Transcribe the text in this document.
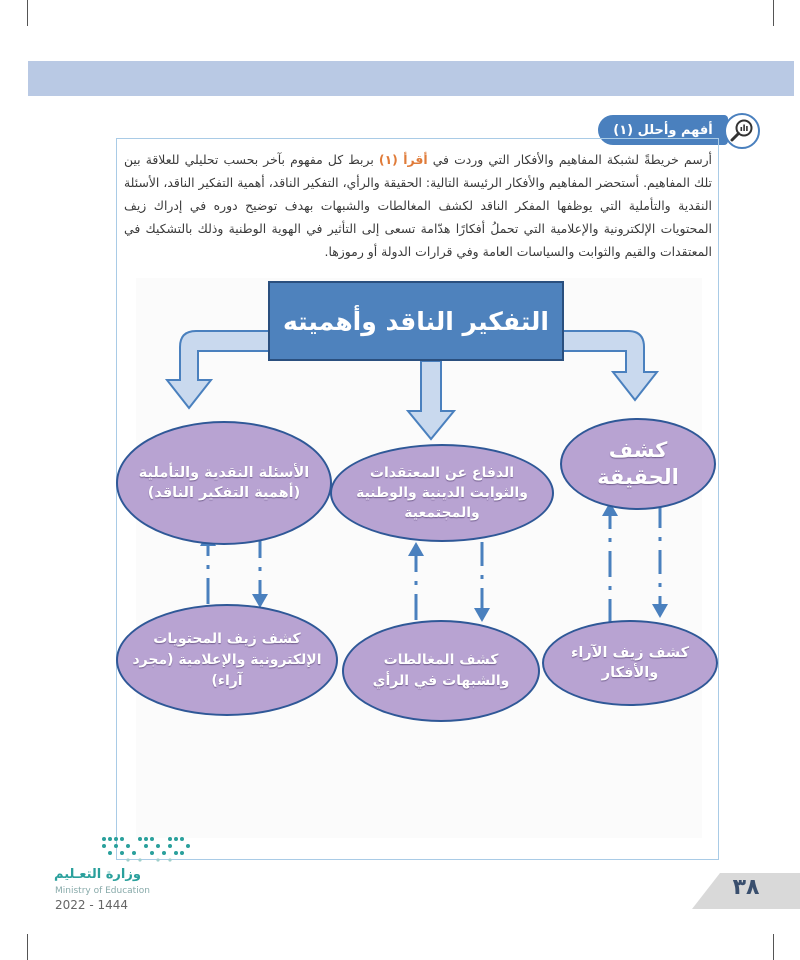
أفهم وأحلل (١)
أرسم خريطةً لشبكة المفاهيم والأفكار التي وردت في أقرأ (١) بربط كل مفهوم بآخر بحسب تحليلي للعلاقة بين تلك المفاهيم. أستحضر المفاهيم والأفكار الرئيسة التالية: الحقيقة والرأي، التفكير الناقد، أهمية التفكير الناقد، الأسئلة النقدية والتأملية التي يوظفها المفكر الناقد لكشف المغالطات والشبهات بهدف توضيح دوره في إدراك زيف المحتويات الإلكترونية والإعلامية التي تحملُ أفكارًا هدّامة تسعى إلى التأثير في الهوية الوطنية وذلك بالتشكيك في المعتقدات والقيم والثوابت والسياسات العامة وفي قرارات الدولة أو رموزها.
التفكير الناقد وأهميته
الأسئلة النقدية والتأملية (أهمية التفكير الناقد)
الدفاع عن المعتقدات والثوابت الدينية والوطنية والمجتمعية
كشف الحقيقة
كشف زيف المحتويات الإلكترونية والإعلامية (مجرد آراء)
كشف المغالطات والشبهات في الرأي
كشف زيف الآراء والأفكار
وزارة التعـليم
Ministry of Education
2022 - 1444
٣٨
